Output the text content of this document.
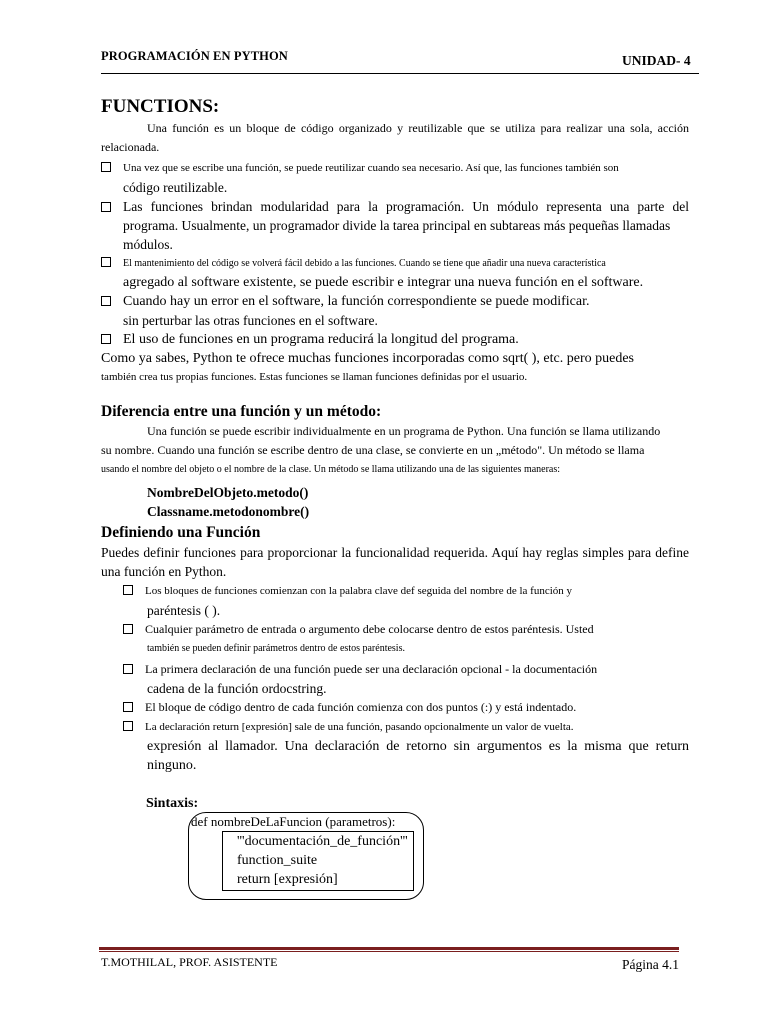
PROGRAMACIÓN EN PYTHON	UNIDAD- 4
FUNCTIONS:
Una función es un bloque de código organizado y reutilizable que se utiliza para realizar una sola, acción relacionada.
Una vez que se escribe una función, se puede reutilizar cuando sea necesario. Así que, las funciones también son
código reutilizable.
Las funciones brindan modularidad para la programación. Un módulo representa una parte del programa. Usualmente, un programador divide la tarea principal en subtareas más pequeñas llamadas
módulos.
El mantenimiento del código se volverá fácil debido a las funciones. Cuando se tiene que añadir una nueva característica
agregado al software existente, se puede escribir e integrar una nueva función en el software.
Cuando hay un error en el software, la función correspondiente se puede modificar.
sin perturbar las otras funciones en el software.
El uso de funciones en un programa reducirá la longitud del programa.
Como ya sabes, Python te ofrece muchas funciones incorporadas como sqrt( ), etc. pero puedes
también crea tus propias funciones. Estas funciones se llaman funciones definidas por el usuario.
Diferencia entre una función y un método:
Una función se puede escribir individualmente en un programa de Python. Una función se llama utilizando
su nombre. Cuando una función se escribe dentro de una clase, se convierte en un „método". Un método se llama
usando el nombre del objeto o el nombre de la clase. Un método se llama utilizando una de las siguientes maneras:
NombreDelObjeto.metodo()
Classname.metodonombre()
Definiendo una Función
Puedes definir funciones para proporcionar la funcionalidad requerida. Aquí hay reglas simples para define una función en Python.
Los bloques de funciones comienzan con la palabra clave def seguida del nombre de la función y
paréntesis ( ).
Cualquier parámetro de entrada o argumento debe colocarse dentro de estos paréntesis. Usted
también se pueden definir parámetros dentro de estos paréntesis.
La primera declaración de una función puede ser una declaración opcional - la documentación
cadena de la función ordocstring.
El bloque de código dentro de cada función comienza con dos puntos (:) y está indentado.
La declaración return [expresión] sale de una función, pasando opcionalmente un valor de vuelta.
expresión al llamador. Una declaración de retorno sin argumentos es la misma que return ninguno.
Sintaxis:
def nombreDeLaFuncion (parametros):
'''documentación_de_función'''
function_suite
return [expresión]
T.MOTHILAL, PROF. ASISTENTE	Página 4.1
